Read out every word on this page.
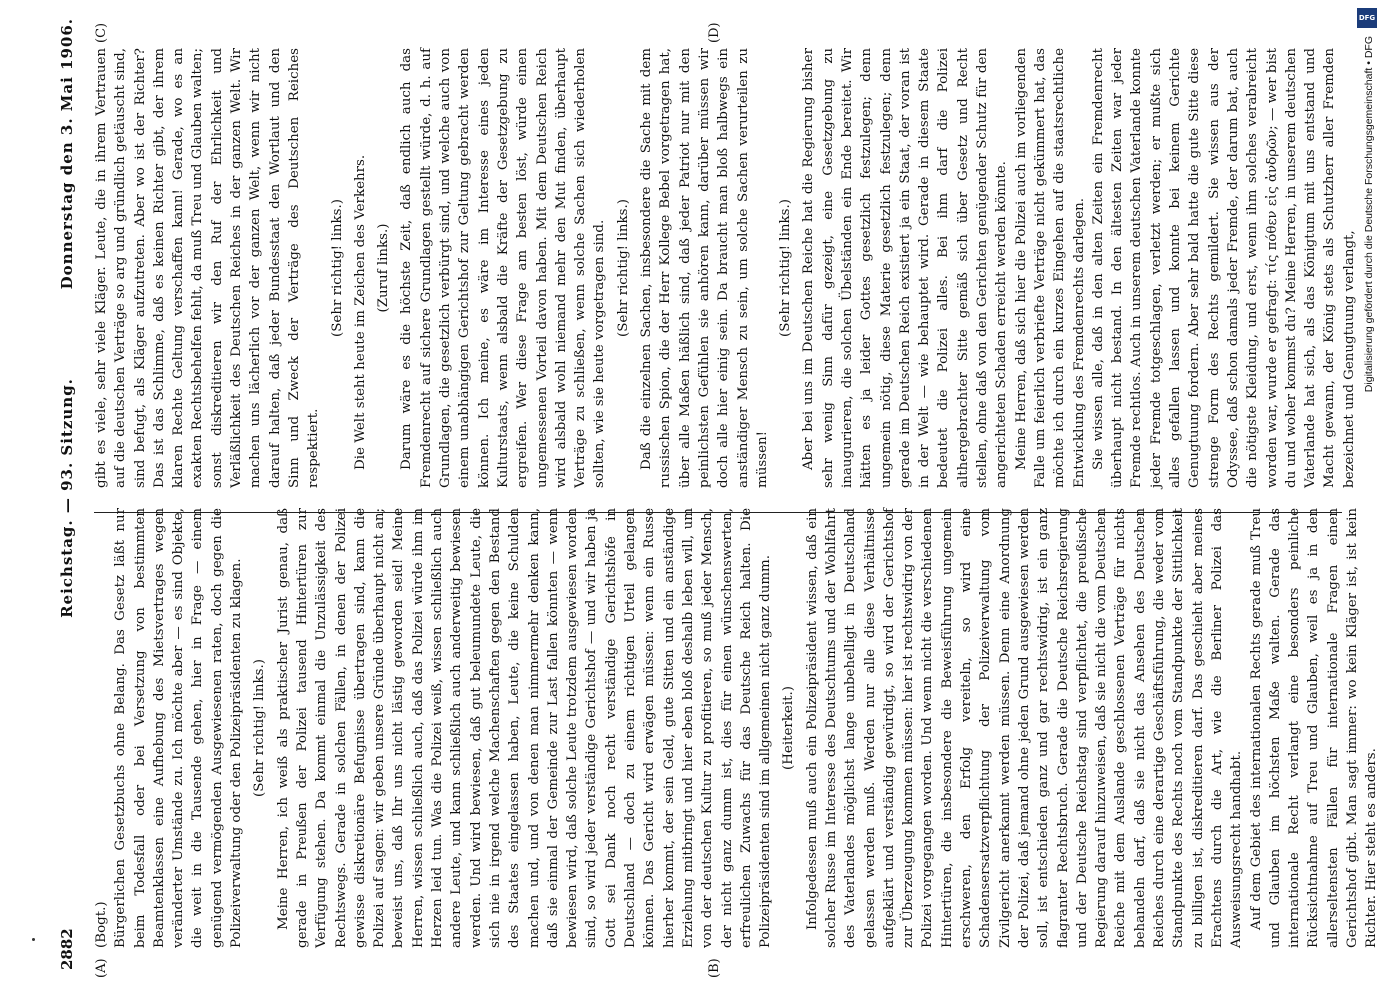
DFG
Digitalisierung gefördert durch die Deutsche Forschungsgemeinschaft • DFG
2882
Reichstag. — 93. Sitzung.
Donnerstag den 3. Mai 1906.
(A)	(B)
(C)	(D)

(Bogt.) Bürgerlichen Gesetzbuchs ohne Belang. Das Gesetz läßt nur beim Todesfall oder bei Versetzung von bestimmten Beamtenklassen eine Aufhebung des Mietsvertrages wegen veränderter Umstände zu. Ich möchte aber — es sind Objekte, die weit in die Tausende gehen, hier in Frage — einem genügend vermögenden Ausgewiesenen raten, doch gegen die Polizeiverwaltung oder den Polizeipräsidenten zu klagen. (Sehr richtig! links.) Meine Herren, ich weiß als praktischer Jurist genau, daß gerade in Preußen der Polizei tausend Hintertüren zur Verfügung stehen. Da kommt einmal die Unzulässigkeit des Rechtswegs. Gerade in solchen Fällen, in denen der Polizei gewisse diskretionäre Befugnisse übertragen sind, kann die Polizei auf sagen: wir geben unsere Gründe überhaupt nicht an; beweist uns, daß Ihr uns nicht lästig geworden seid! Meine Herren, wissen schließlich auch, daß das Polizei würde ihm im Herzen leid tun. Was die Polizei weiß, wissen schließlich auch andere Leute, und kann schließlich auch anderweitig bewiesen werden. Und wird bewiesen, daß gut beleumundete Leute, die sich nie in irgend welche Machenschaften gegen den Bestand des Staates eingelassen haben, Leute, die keine Schulden machen und, und von denen man nimmermehr denken kann, daß sie einmal der Gemeinde zur Last fallen könnten — wenn bewiesen wird, daß solche Leute trotzdem ausgewiesen worden sind, so wird jeder verständige Gerichtshof — und wir haben ja Gott sei Dank noch recht verständige Gerichtshöfe in Deutschland — doch zu einem richtigen Urteil gelangen können. Das Gericht wird erwägen müssen: wenn ein Russe hierher kommt, der sein Geld, gute Sitten und ein anständige Erziehung mitbringt und hier eben bloß deshalb leben will, um von der deutschen Kultur zu profitieren, so muß jeder Mensch, der nicht ganz dumm ist, dies für einen wünschenswerten, erfreulichen Zuwachs für das Deutsche Reich halten. Die Polizeipräsidenten sind im allgemeinen nicht ganz dumm. (Heiterkeit.) Infolgedessen muß auch ein Polizeipräsident wissen, daß ein solcher Russe im Interesse des Deutschtums und der Wohlfahrt des Vaterlandes möglichst lange unbehelligt in Deutschland gelassen werden muß. Werden nur alle diese Verhältnisse aufgeklärt und verständig gewürdigt, so wird der Gerichtshof zur Überzeugung kommen müssen: hier ist rechtswidrig von der Polizei vorgegangen worden. Und wenn nicht die verschiedenen Hintertüren, die insbesondere die Beweisführung ungemein erschweren, den Erfolg vereiteln, so wird eine Schadensersatzverpflichtung der Polizeiverwaltung vom Zivilgericht anerkannt werden müssen. Denn eine Anordnung der Polizei, daß jemand ohne jeden Grund ausgewiesen werden soll, ist entschieden ganz und gar rechtswidrig, ist ein ganz flagranter Rechtsbruch. Gerade die Deutsche Reichsregierung und der Deutsche Reichstag sind verpflichtet, die preußische Regierung darauf hinzuweisen, daß sie nicht die vom Deutschen Reiche mit dem Auslande geschlossenen Verträge für nichts behandeln darf, daß sie nicht das Ansehen des Deutschen Reiches durch eine derartige Geschäftsführung, die weder vom Standpunkte des Rechts noch vom Standpunkte der Sittlichkeit zu billigen ist, diskreditieren darf. Das geschieht aber meines Erachtens durch die Art, wie die Berliner Polizei das Ausweisungsrecht handhabt. Auf dem Gebiet des internationalen Rechts gerade muß Treu und Glauben im höchsten Maße walten. Gerade das internationale Recht verlangt eine besonders peinliche Rücksichtnahme auf Treu und Glauben, weil es ja in den allerseltensten Fällen für internationale Fragen einen Gerichtshof gibt. Man sagt immer: wo kein Kläger ist, ist kein Richter. Hier steht es anders.

gibt es viele, sehr viele Kläger. Leute, die in ihrem Vertrauen auf die deutschen Verträge so arg und gründlich getäuscht sind, sind befugt, als Kläger aufzutreten. Aber wo ist der Richter? Das ist das Schlimme, daß es keinen Richter gibt, der ihrem klaren Rechte Geltung verschaffen kann! Gerade, wo es an exakten Rechtsbehelfen fehlt, da muß Treu und Glauben walten; sonst diskreditieren wir den Ruf der Ehrlichkeit und Verläßlichkeit des Deutschen Reiches in der ganzen Welt. Wir machen uns lächerlich vor der ganzen Welt, wenn wir nicht darauf halten, daß jeder Bundesstaat den Wortlaut und den Sinn und Zweck der Verträge des Deutschen Reiches respektiert.

(Sehr richtig! links.) Die Welt steht heute im Zeichen des Verkehrs. (Zuruf links.) Darum wäre es die höchste Zeit, daß endlich auch das Fremdenrecht auf sichere Grundlagen gestellt würde, d. h. auf Grundlagen, die gesetzlich verbürgt sind, und welche auch von einem unabhängigen Gerichtshof zur Geltung gebracht werden können. Ich meine, es wäre im Interesse eines jeden Kulturstaats, wenn alsbald die Kräfte der Gesetzgebung zu ergreifen. Wer diese Frage am besten löst, würde einen ungemessenen Vorteil davon haben. Mit dem Deutschen Reich wird alsbald wohl niemand mehr den Mut finden, überhaupt Verträge zu schließen, wenn solche Sachen sich wiederholen sollten, wie sie heute vorgetragen sind. (Sehr richtig! links.) Daß die einzelnen Sachen, insbesondere die Sache mit dem russischen Spion, die der Herr Kollege Bebel vorgetragen hat, über alle Maßen häßlich sind, daß jeder Patriot nur mit den peinlichsten Gefühlen sie anhören kann, darüber müssen wir doch alle hier einig sein. Da braucht man bloß halbwegs ein anständiger Mensch zu sein, um solche Sachen verurteilen zu müssen!

(Sehr richtig! links.) Aber bei uns im Deutschen Reiche hat die Regierung bisher sehr wenig Sinn dafür gezeigt, eine Gesetzgebung zu inaugurieren, die solchen Übelständen ein Ende bereitet. Wir hätten es ja leider Gottes gesetzlich festzulegen; denn ungemein nötig, diese Materie gesetzlich festzulegen; denn gerade im Deutschen Reich existiert ja ein Staat, der voran ist in der Welt — wie behauptet wird. Gerade in diesem Staate bedeutet die Polizei alles. Bei ihm darf die Polizei althergebrachter Sitte gemäß sich über Gesetz und Recht stellen, ohne daß von den Gerichten genügender Schutz für den angerichteten Schaden erreicht werden könnte. Meine Herren, daß sich hier die Polizei auch im vorliegenden Falle um feierlich verbriefte Verträge nicht gekümmert hat, das möchte ich durch ein kurzes Eingehen auf die staatsrechtliche Entwicklung des Fremdenrechts darlegen. Sie wissen alle, daß in den alten Zeiten ein Fremdenrecht überhaupt nicht bestand. In den ältesten Zeiten war jeder Fremde rechtlos. Auch in unserem deutschen Vaterlande konnte jeder Fremde totgeschlagen, verletzt werden; er mußte sich alles gefallen lassen und konnte bei keinem Gerichte Genugtuung fordern. Aber sehr bald hatte die gute Sitte diese strenge Form des Rechts gemildert. Sie wissen aus der Odyssee, daß schon damals jeder Fremde, der darum bat, auch die nötigste Kleidung, und erst, wenn ihm solches verabreicht worden war, wurde er gefragt: τίς πόθεν εἰς ἀνδρῶν; — wer bist du und woher kommst du? Meine Herren, in unserem deutschen Vaterlande hat sich, als das Königtum mit uns entstand und Macht gewann, der König stets als Schutzherr aller Fremden bezeichnet und Genugtuung verlangt,
